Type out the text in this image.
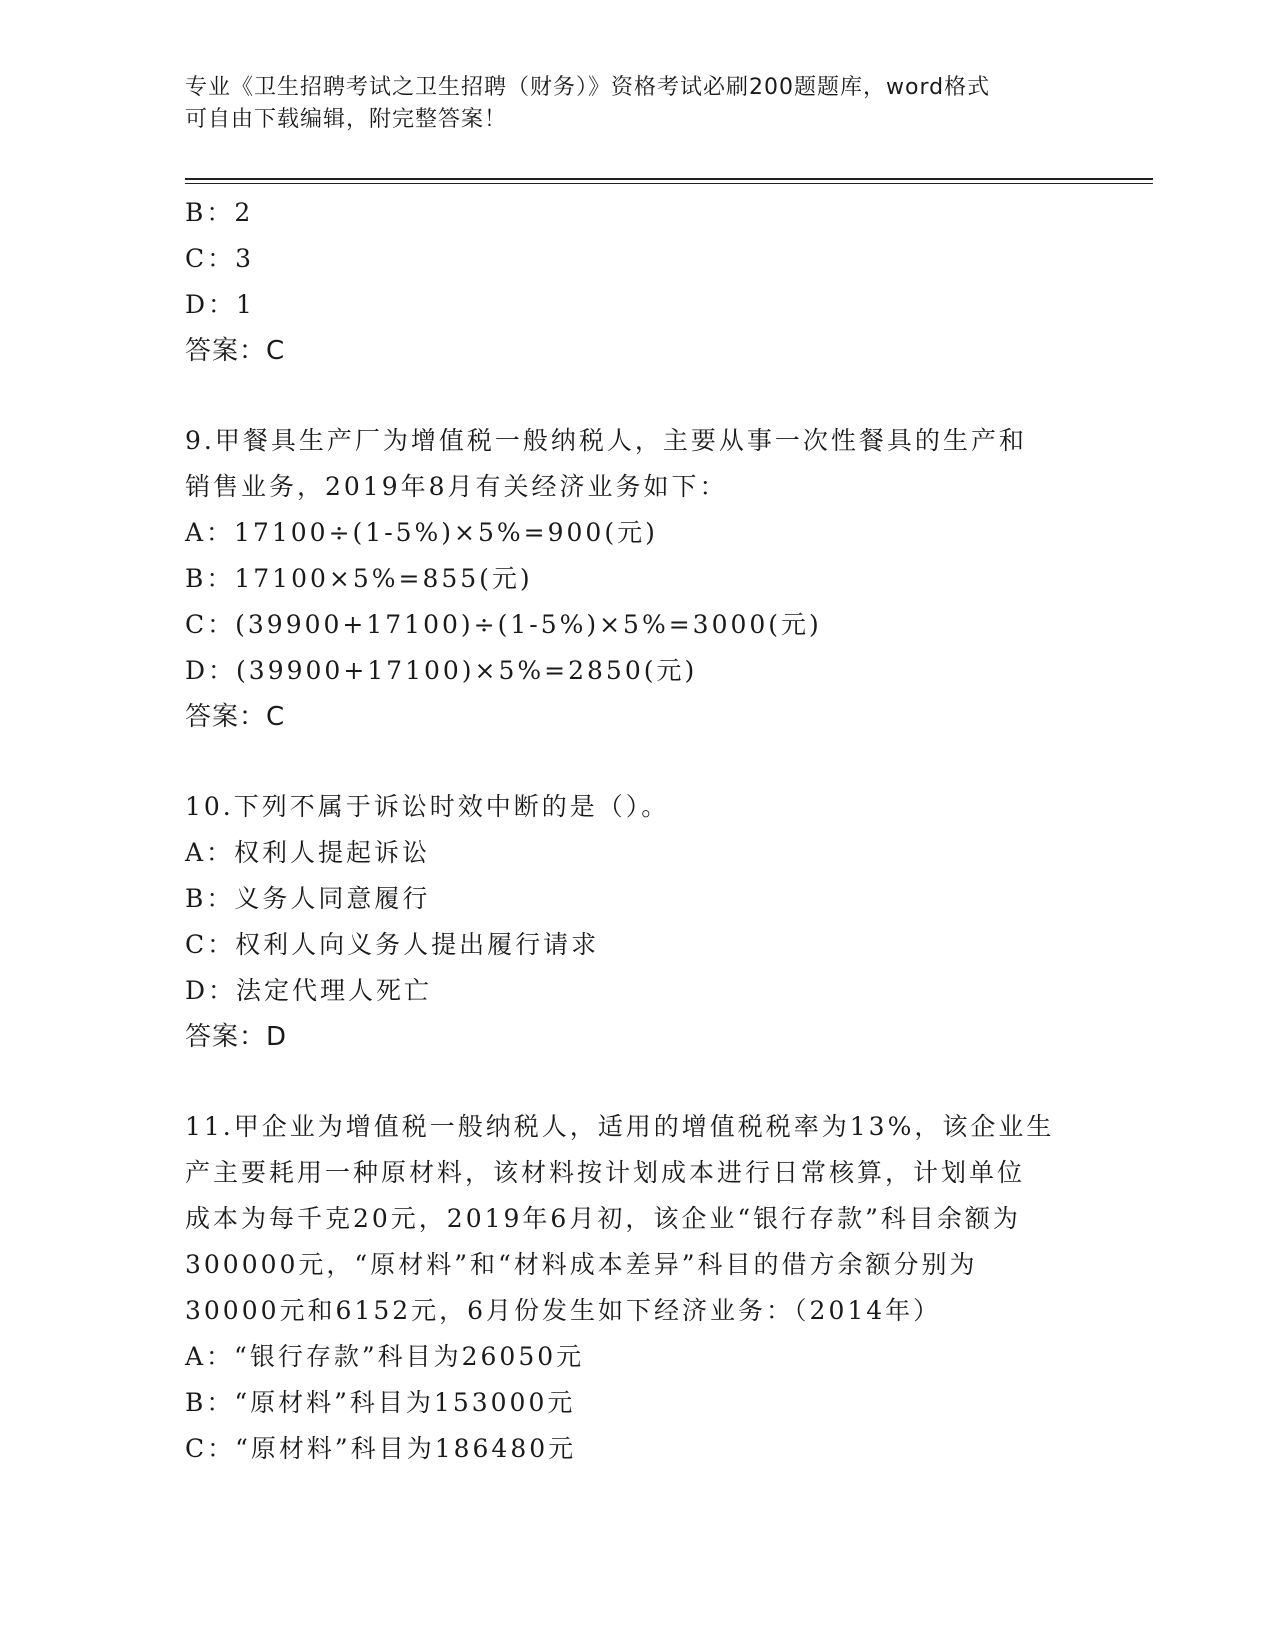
专业《卫生招聘考试之卫生招聘（财务）》资格考试必刷200题题库，word格式
可自由下载编辑，附完整答案！
B：2
C：3
D：1
答案：C
9.甲餐具生产厂为增值税一般纳税人，主要从事一次性餐具的生产和
销售业务，2019年8月有关经济业务如下：
A：17100÷(1-5%)×5%=900(元)
B：17100×5%=855(元)
C：(39900+17100)÷(1-5%)×5%=3000(元)
D：(39900+17100)×5%=2850(元)
答案：C
10.下列不属于诉讼时效中断的是（）。
A：权利人提起诉讼
B：义务人同意履行
C：权利人向义务人提出履行请求
D：法定代理人死亡
答案：D
11.甲企业为增值税一般纳税人，适用的增值税税率为13%，该企业生
产主要耗用一种原材料，该材料按计划成本进行日常核算，计划单位
成本为每千克20元，2019年6月初，该企业“银行存款”科目余额为
300000元，“原材料”和“材料成本差异”科目的借方余额分别为
30000元和6152元，6月份发生如下经济业务：（2014年）
A：“银行存款”科目为26050元
B：“原材料”科目为153000元
C：“原材料”科目为186480元
